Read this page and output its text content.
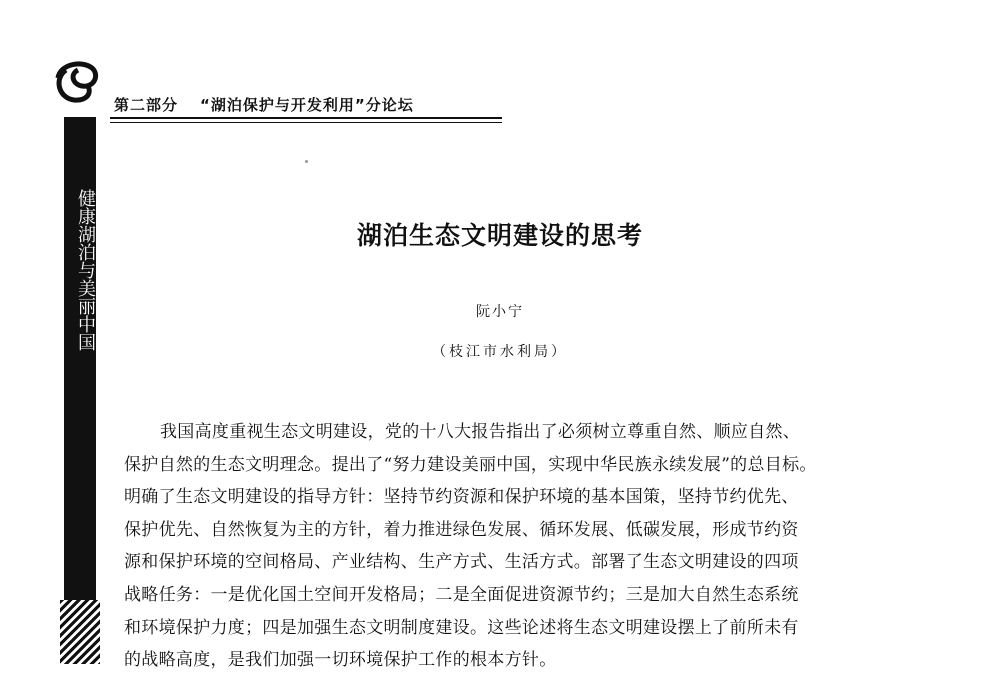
第二部分 “湖泊保护与开发利用”分论坛
健康湖泊与美丽中国	湖泊生态文明建设的思考
阮小宁
（枝江市水利局）

我国高度重视生态文明建设，党的十八大报告指出了必须树立尊重自然、顺应自然、
保护自然的生态文明理念。提出了“努力建设美丽中国，实现中华民族永续发展”的总目标。
明确了生态文明建设的指导方针：坚持节约资源和保护环境的基本国策，坚持节约优先、
保护优先、自然恢复为主的方针，着力推进绿色发展、循环发展、低碳发展，形成节约资
源和保护环境的空间格局、产业结构、生产方式、生活方式。部署了生态文明建设的四项
战略任务：一是优化国土空间开发格局；二是全面促进资源节约；三是加大自然生态系统
和环境保护力度；四是加强生态文明制度建设。这些论述将生态文明建设摆上了前所未有
的战略高度，是我们加强一切环境保护工作的根本方针。
